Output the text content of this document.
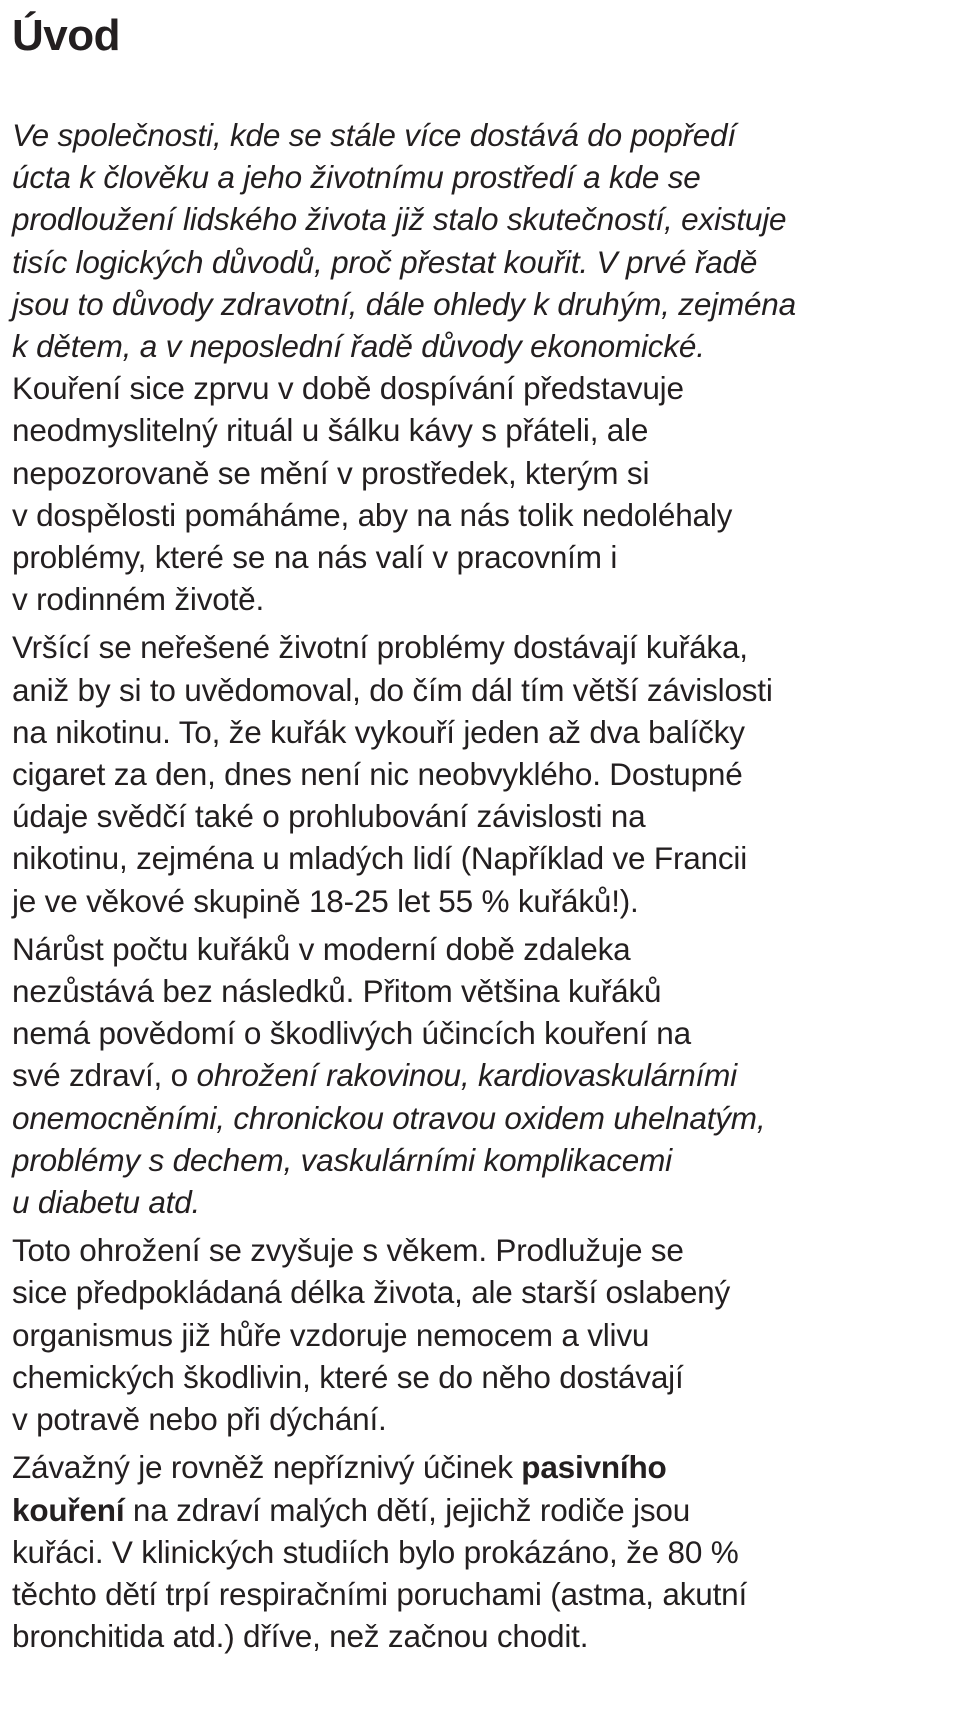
Úvod
Ve společnosti, kde se stále více dostává do popředí
úcta k člověku a jeho životnímu prostředí a kde se
prodloužení lidského života již stalo skutečností, existuje
tisíc logických důvodů, proč přestat kouřit. V prvé řadě
jsou to důvody zdravotní, dále ohledy k druhým, zejména
k dětem, a v neposlední řadě důvody ekonomické.
Kouření sice zprvu v době dospívání představuje
neodmyslitelný rituál u šálku kávy s přáteli, ale
nepozorovaně se mění v prostředek, kterým si
v dospělosti pomáháme, aby na nás tolik nedoléhaly
problémy, které se na nás valí v pracovním i
v rodinném životě.
Vršící se neřešené životní problémy dostávají kuřáka,
aniž by si to uvědomoval, do čím dál tím větší závislosti
na nikotinu. To, že kuřák vykouří jeden až dva balíčky
cigaret za den, dnes není nic neobvyklého. Dostupné
údaje svědčí také o prohlubování závislosti na
nikotinu, zejména u mladých lidí (Například ve Francii
je ve věkové skupině 18-25 let 55 % kuřáků!).
Nárůst počtu kuřáků v moderní době zdaleka
nezůstává bez následků. Přitom většina kuřáků
nemá povědomí o škodlivých účincích kouření na
své zdraví, o ohrožení rakovinou, kardiovaskulárními
onemocněními, chronickou otravou oxidem uhelnatým,
problémy s dechem, vaskulárními komplikacemi
u diabetu atd.
Toto ohrožení se zvyšuje s věkem. Prodlužuje se
sice předpokládaná délka života, ale starší oslabený
organismus již hůře vzdoruje nemocem a vlivu
chemických škodlivin, které se do něho dostávají
v potravě nebo při dýchání.
Závažný je rovněž nepříznivý účinek pasivního
kouření na zdraví malých dětí, jejichž rodiče jsou
kuřáci. V klinických studiích bylo prokázáno, že 80 %
těchto dětí trpí respiračními poruchami (astma, akutní
bronchitida atd.) dříve, než začnou chodit.
